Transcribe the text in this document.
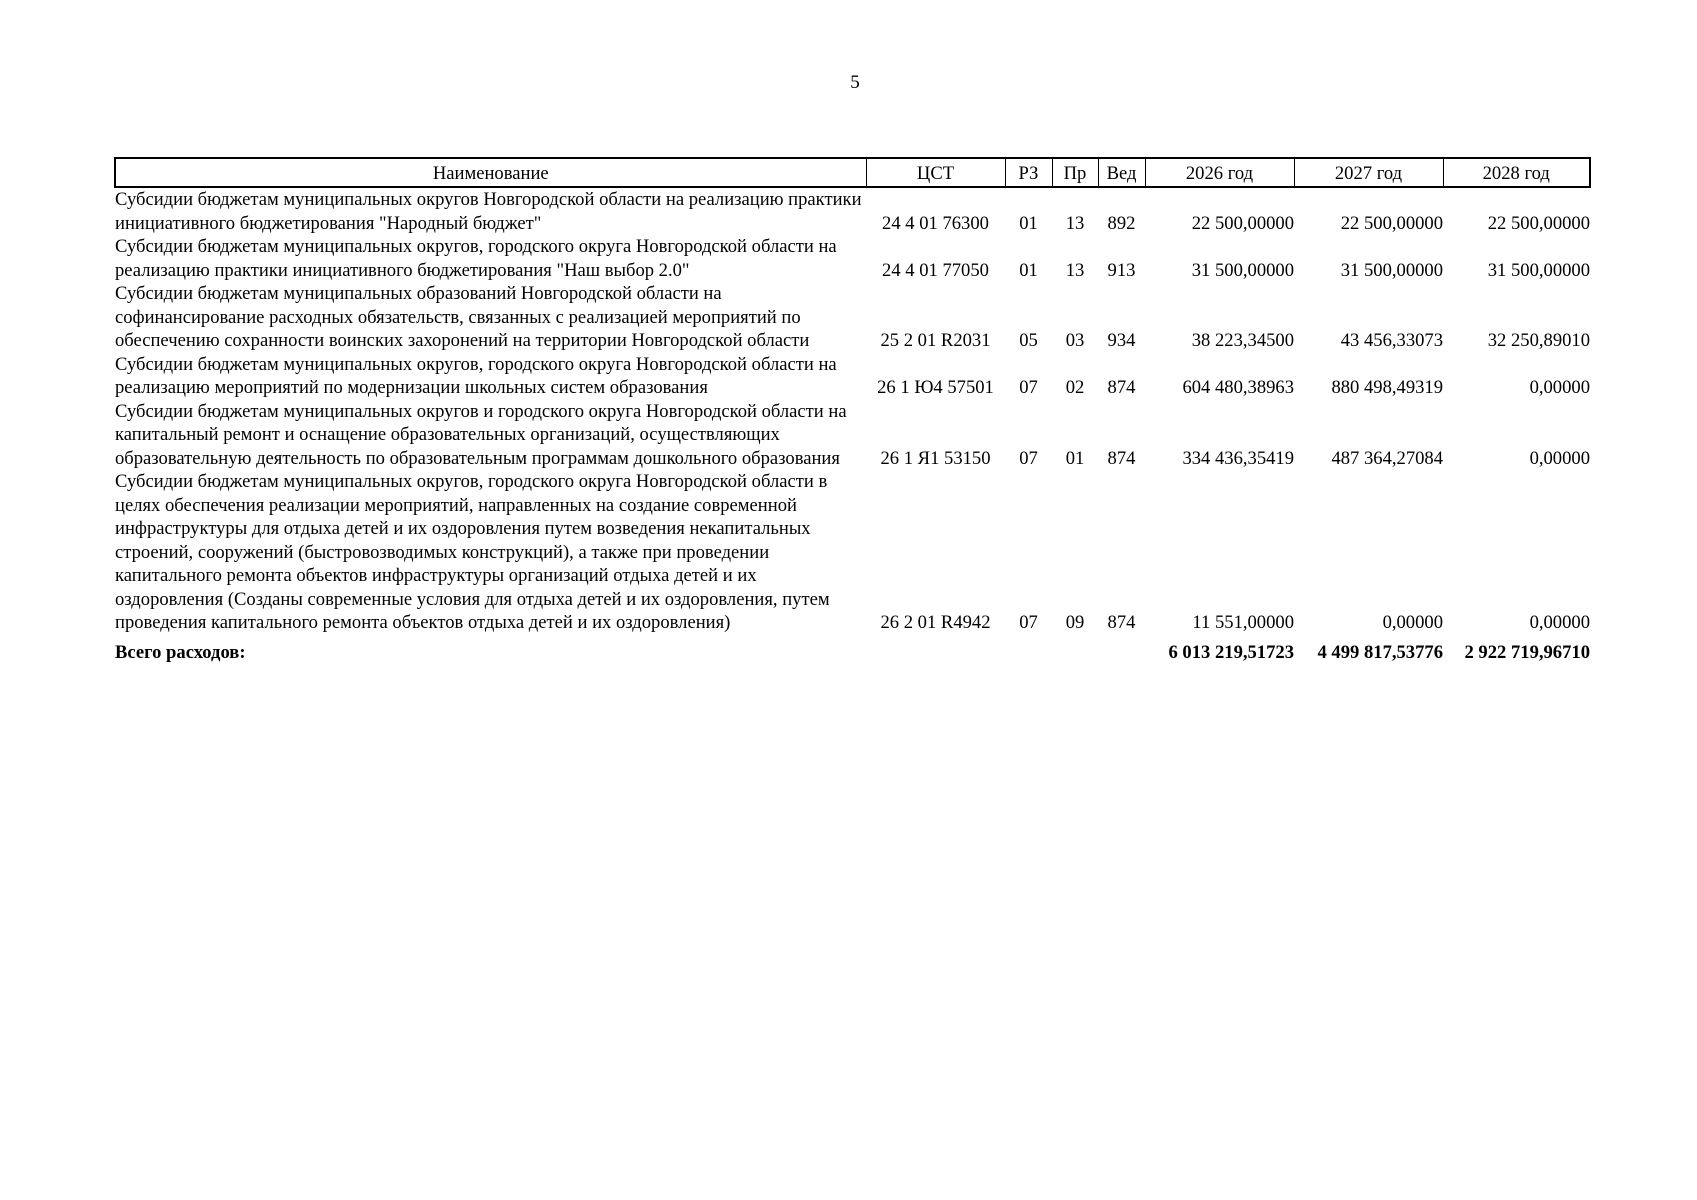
5
Наименование	ЦСТ	РЗ	Пр	Вед	2026 год	2027 год	2028 год
Субсидии бюджетам муниципальных округов Новгородской области на реализацию практики инициативного бюджетирования "Народный бюджет"	24 4 01 76300	01	13	892	22 500,00000	22 500,00000	22 500,00000
Субсидии бюджетам муниципальных округов, городского округа Новгородской области на реализацию практики инициативного бюджетирования "Наш выбор 2.0"	24 4 01 77050	01	13	913	31 500,00000	31 500,00000	31 500,00000
Субсидии бюджетам муниципальных образований Новгородской области на софинансирование расходных обязательств, связанных с реализацией мероприятий по обеспечению сохранности воинских захоронений на территории Новгородской области	25 2 01 R2031	05	03	934	38 223,34500	43 456,33073	32 250,89010
Субсидии бюджетам муниципальных округов, городского округа Новгородской области на реализацию мероприятий по модернизации школьных систем образования	26 1 Ю4 57501	07	02	874	604 480,38963	880 498,49319	0,00000
Субсидии бюджетам муниципальных округов и городского округа Новгородской области на капитальный ремонт и оснащение образовательных организаций, осуществляющих образовательную деятельность по образовательным программам дошкольного образования	26 1 Я1 53150	07	01	874	334 436,35419	487 364,27084	0,00000
Субсидии бюджетам муниципальных округов, городского округа Новгородской области в целях обеспечения реализации мероприятий, направленных на создание современной инфраструктуры для отдыха детей и их оздоровления путем возведения некапитальных строений, сооружений (быстровозводимых конструкций), а также при проведении капитального ремонта объектов инфраструктуры организаций отдыха детей и их оздоровления (Созданы современные условия для отдыха детей и их оздоровления, путем проведения капитального ремонта объектов отдыха детей и их оздоровления)	26 2 01 R4942	07	09	874	11 551,00000	0,00000	0,00000
Всего расходов:					6 013 219,51723	4 499 817,53776	2 922 719,96710
